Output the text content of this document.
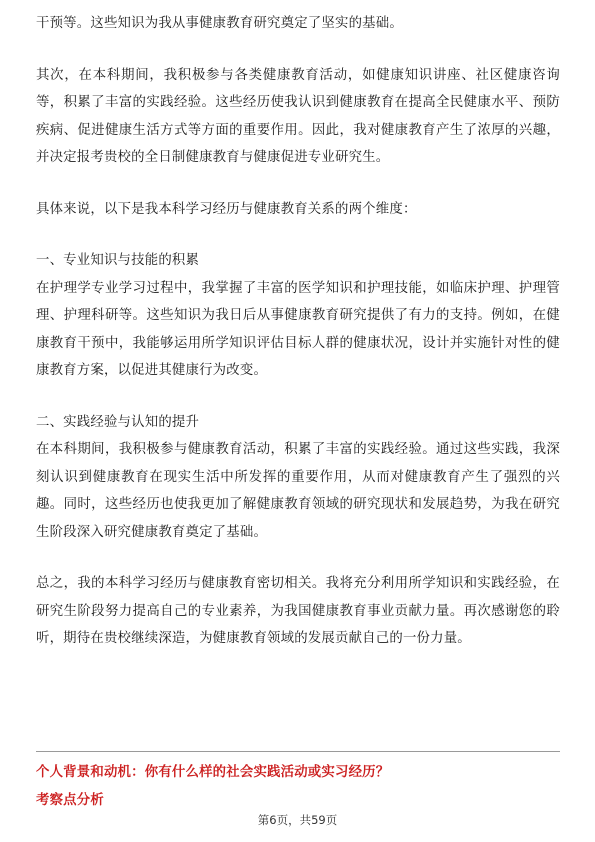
干预等。这些知识为我从事健康教育研究奠定了坚实的基础。

其次，在本科期间，我积极参与各类健康教育活动，如健康知识讲座、社区健康咨询等，积累了丰富的实践经验。这些经历使我认识到健康教育在提高全民健康水平、预防疾病、促进健康生活方式等方面的重要作用。因此，我对健康教育产生了浓厚的兴趣，并决定报考贵校的全日制健康教育与健康促进专业研究生。

具体来说，以下是我本科学习经历与健康教育关系的两个维度：

一、专业知识与技能的积累

在护理学专业学习过程中，我掌握了丰富的医学知识和护理技能，如临床护理、护理管理、护理科研等。这些知识为我日后从事健康教育研究提供了有力的支持。例如，在健康教育干预中，我能够运用所学知识评估目标人群的健康状况，设计并实施针对性的健康教育方案，以促进其健康行为改变。

二、实践经验与认知的提升

在本科期间，我积极参与健康教育活动，积累了丰富的实践经验。通过这些实践，我深刻认识到健康教育在现实生活中所发挥的重要作用，从而对健康教育产生了强烈的兴趣。同时，这些经历也使我更加了解健康教育领域的研究现状和发展趋势，为我在研究生阶段深入研究健康教育奠定了基础。

总之，我的本科学习经历与健康教育密切相关。我将充分利用所学知识和实践经验，在研究生阶段努力提高自己的专业素养，为我国健康教育事业贡献力量。再次感谢您的聆听，期待在贵校继续深造，为健康教育领域的发展贡献自己的一份力量。

个人背景和动机：你有什么样的社会实践活动或实习经历？

考察点分析

第6页，共59页
